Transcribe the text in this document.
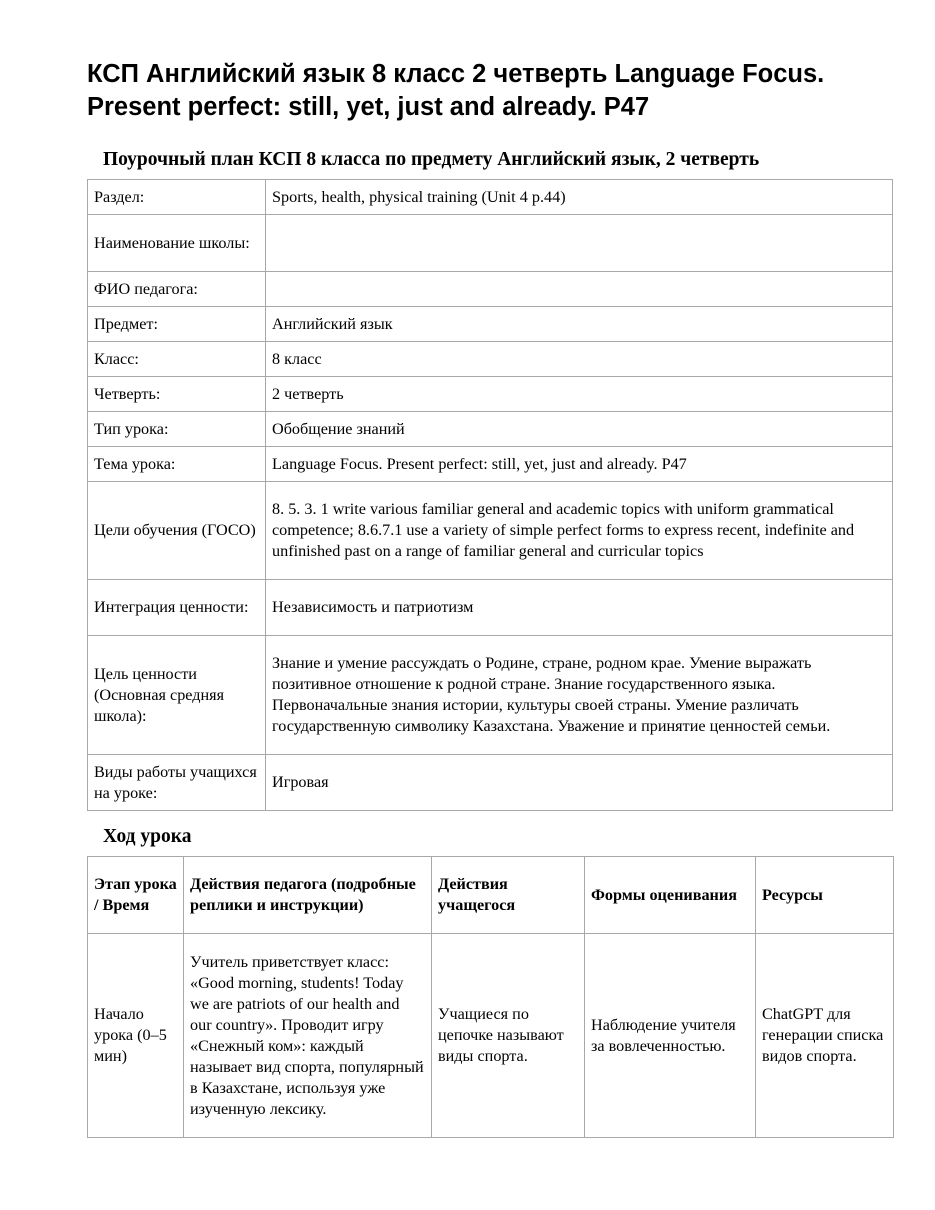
КСП Английский язык 8 класс 2 четверть Language Focus. Present perfect: still, yet, just and already. P47
Поурочный план КСП 8 класса по предмету Английский язык, 2 четверть
Раздел:	Sports, health, physical training (Unit 4 p.44)
Наименование школы:	
ФИО педагога:	
Предмет:	Английский язык
Класс:	8 класс
Четверть:	2 четверть
Тип урока:	Обобщение знаний
Тема урока:	Language Focus. Present perfect: still, yet, just and already. P47
Цели обучения (ГОСО)	8. 5. 3. 1 write various familiar general and academic topics with uniform grammatical competence; 8.6.7.1 use a variety of simple perfect forms to express recent, indefinite and unfinished past on a range of familiar general and curricular topics
Интеграция ценности:	Независимость и патриотизм
Цель ценности (Основная средняя школа):	Знание и умение рассуждать о Родине, стране, родном крае. Умение выражать позитивное отношение к родной стране. Знание государственного языка. Первоначальные знания истории, культуры своей страны. Умение различать государственную символику Казахстана. Уважение и принятие ценностей семьи.
Виды работы учащихся на уроке:	Игровая
Ход урока
Этап урока / Время	Действия педагога (подробные реплики и инструкции)	Действия учащегося	Формы оценивания	Ресурсы
Начало урока (0–5 мин)	Учитель приветствует класс: «Good morning, students! Today we are patriots of our health and our country». Проводит игру «Снежный ком»: каждый называет вид спорта, популярный в Казахстане, используя уже изученную лексику.	Учащиеся по цепочке называют виды спорта.	Наблюдение учителя за вовлеченностью.	ChatGPT для генерации списка видов спорта.
